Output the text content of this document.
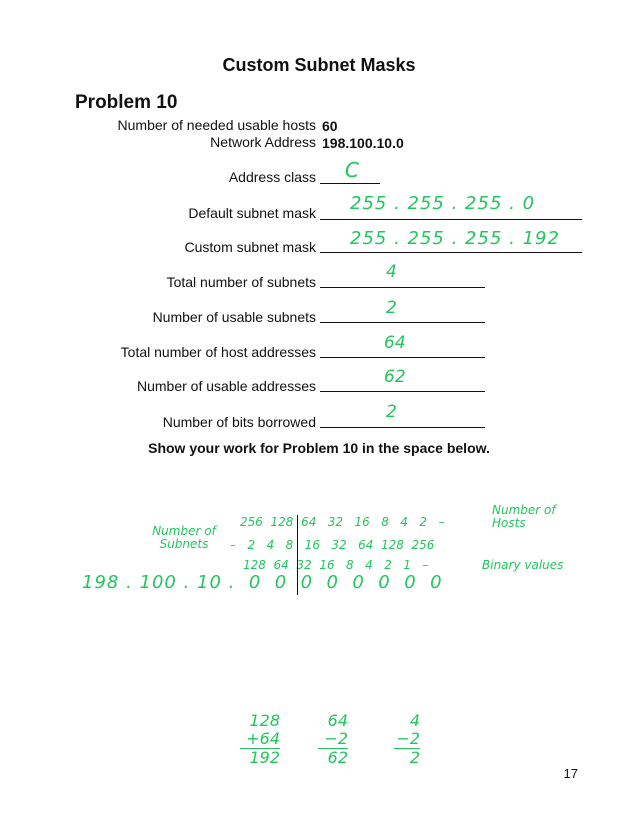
Custom Subnet Masks
Problem 10
Number of needed usable hosts 60
Network Address 198.100.10.0
Address class C
Default subnet mask 255 . 255 . 255 . 0
Custom subnet mask 255 . 255 . 255 . 192
Total number of subnets	4
Number of usable subnets	2
Total number of host addresses	64
Number of usable addresses	62
Number of bits borrowed	2
Show your work for Problem 10 in the space below.
Number of Hosts
Number of Subnets
256  128  64   32   16   8   4   2   –
–   2   4   8   16   32   64  128  256
128  64  32  16   8   4   2   1   –	Binary values
198 . 100 . 10 .  0  0  0  0  0  0  0  0
128
+64
192
64
−2
62
4
−2
2
17
